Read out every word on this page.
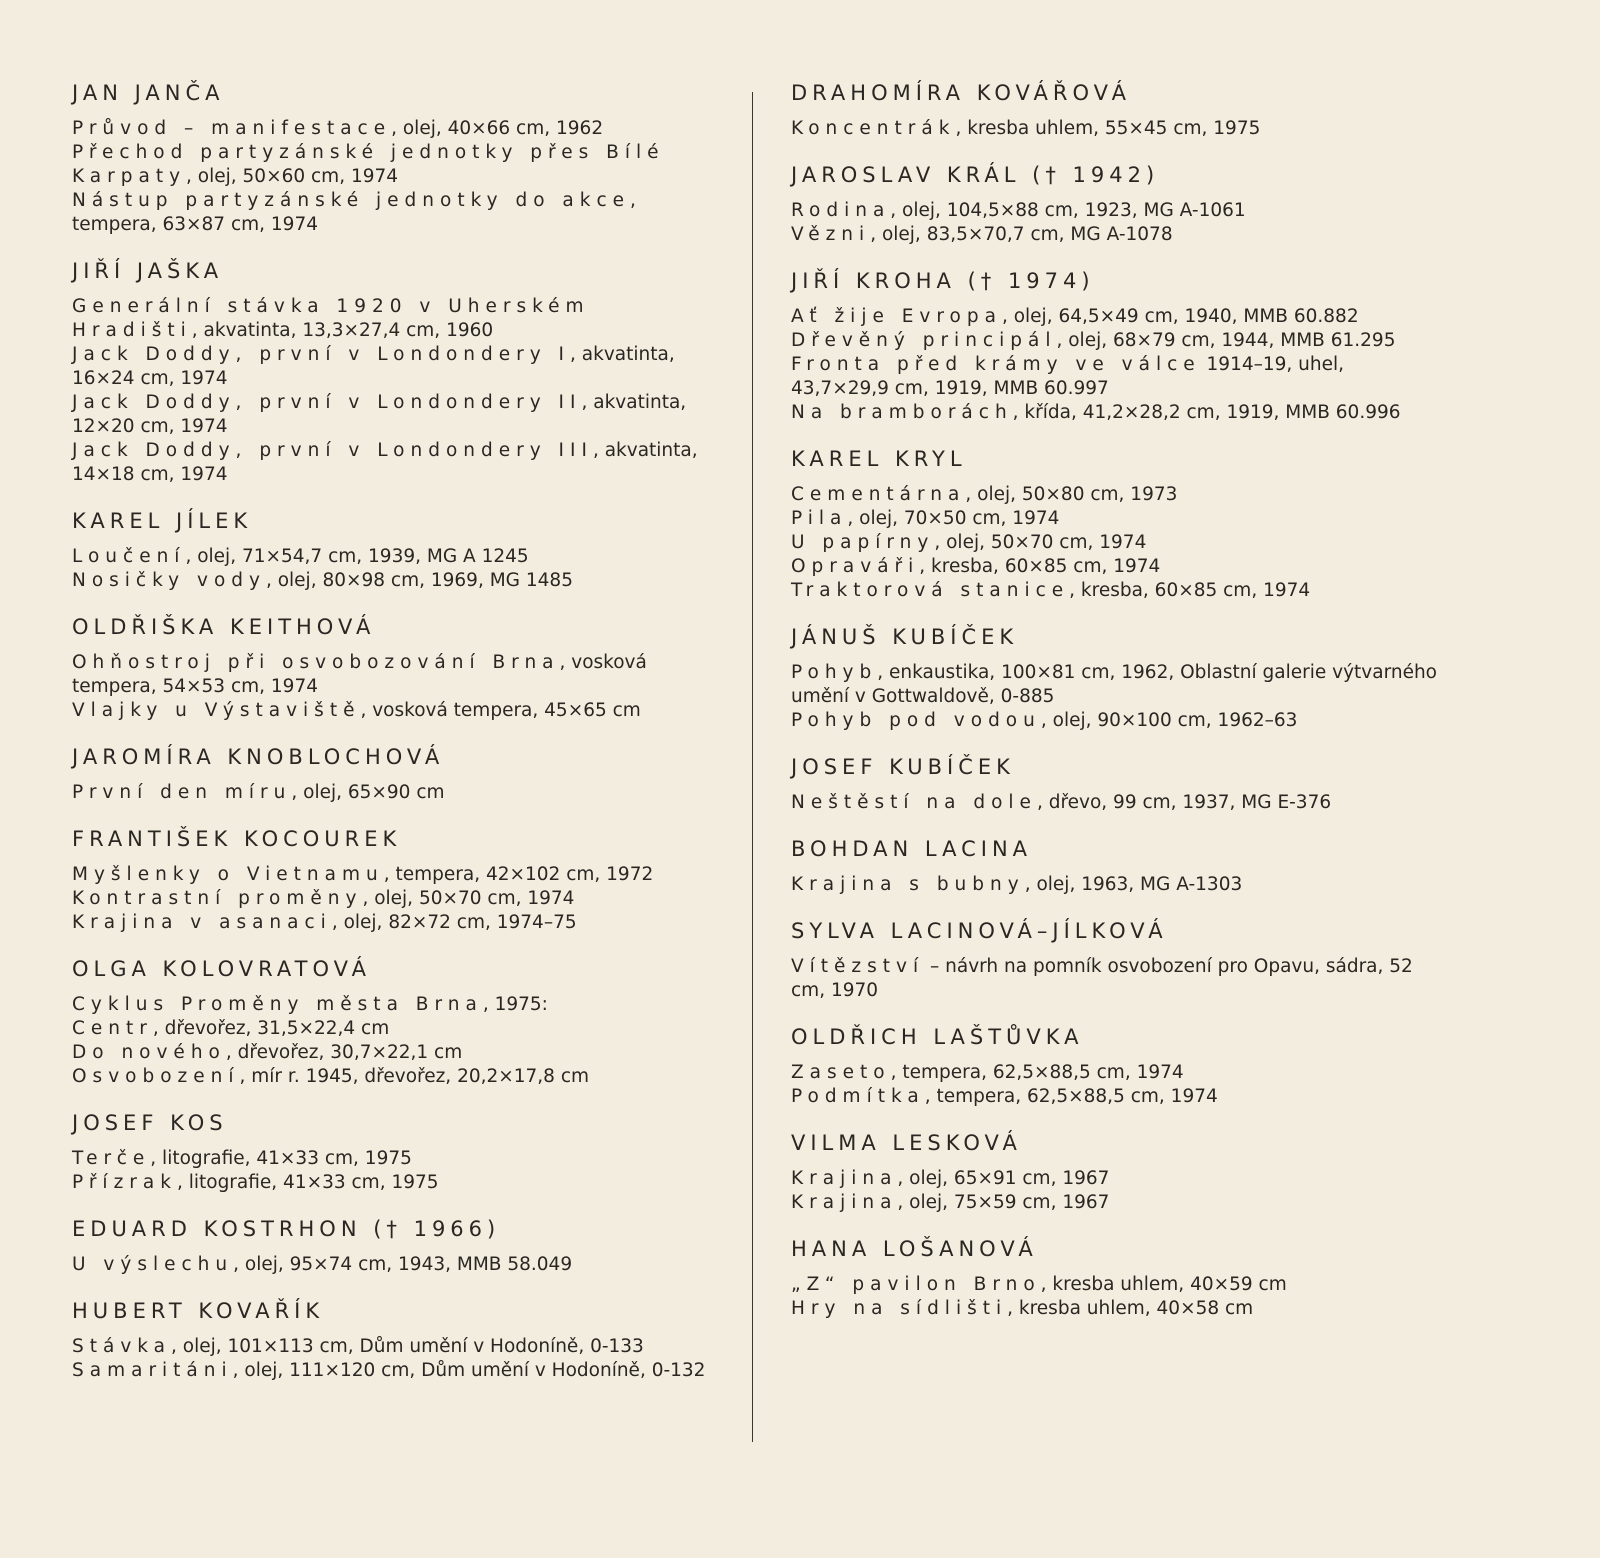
JAN JANČA
Průvod – manifestace, olej, 40×66 cm, 1962
Přechod partyzánské jednotky přes Bílé Karpaty, olej, 50×60 cm, 1974
Nástup partyzánské jednotky do akce, tempera, 63×87 cm, 1974
JIŘÍ JAŠKA
Generální stávka 1920 v Uherském Hradišti, akvatinta, 13,3×27,4 cm, 1960
Jack Doddy, první v Londondery I, akvatinta, 16×24 cm, 1974
Jack Doddy, první v Londondery II, akvatinta, 12×20 cm, 1974
Jack Doddy, první v Londondery III, akvatinta, 14×18 cm, 1974
KAREL JÍLEK
Loučení, olej, 71×54,7 cm, 1939, MG A 1245
Nosičky vody, olej, 80×98 cm, 1969, MG 1485
OLDŘIŠKA KEITHOVÁ
Ohňostroj při osvobozování Brna, vosková tempera, 54×53 cm, 1974
Vlajky u Výstaviště, vosková tempera, 45×65 cm
JAROMÍRA KNOBLOCHOVÁ
První den míru, olej, 65×90 cm
FRANTIŠEK KOCOUREK
Myšlenky o Vietnamu, tempera, 42×102 cm, 1972
Kontrastní proměny, olej, 50×70 cm, 1974
Krajina v asanaci, olej, 82×72 cm, 1974–75
OLGA KOLOVRATOVÁ
Cyklus Proměny města Brna, 1975:
Centr, dřevořez, 31,5×22,4 cm
Do nového, dřevořez, 30,7×22,1 cm
Osvobození, mír r. 1945, dřevořez, 20,2×17,8 cm
JOSEF KOS
Terče, litografie, 41×33 cm, 1975
Přízrak, litografie, 41×33 cm, 1975
EDUARD KOSTRHON († 1966)
U výslechu, olej, 95×74 cm, 1943, MMB 58.049
HUBERT KOVAŘÍK
Stávka, olej, 101×113 cm, Dům umění v Hodoníně, 0-133
Samaritáni, olej, 111×120 cm, Dům umění v Hodoníně, 0-132
DRAHOMÍRA KOVÁŘOVÁ
Koncentrák, kresba uhlem, 55×45 cm, 1975
JAROSLAV KRÁL († 1942)
Rodina, olej, 104,5×88 cm, 1923, MG A-1061
Vězni, olej, 83,5×70,7 cm, MG A-1078
JIŘÍ KROHA († 1974)
Ať žije Evropa, olej, 64,5×49 cm, 1940, MMB 60.882
Dřevěný principál, olej, 68×79 cm, 1944, MMB 61.295
Fronta před krámy ve válce 1914–19, uhel, 43,7×29,9 cm, 1919, MMB 60.997
Na bramborách, křída, 41,2×28,2 cm, 1919, MMB 60.996
KAREL KRYL
Cementárna, olej, 50×80 cm, 1973
Pila, olej, 70×50 cm, 1974
U papírny, olej, 50×70 cm, 1974
Opraváři, kresba, 60×85 cm, 1974
Traktorová stanice, kresba, 60×85 cm, 1974
JÁNUŠ KUBÍČEK
Pohyb, enkaustika, 100×81 cm, 1962, Oblastní galerie výtvarného umění v Gottwaldově, 0-885
Pohyb pod vodou, olej, 90×100 cm, 1962–63
JOSEF KUBÍČEK
Neštěstí na dole, dřevo, 99 cm, 1937, MG E-376
BOHDAN LACINA
Krajina s bubny, olej, 1963, MG A-1303
SYLVA LACINOVÁ–JÍLKOVÁ
Vítězství – návrh na pomník osvobození pro Opavu, sádra, 52 cm, 1970
OLDŘICH LAŠTŮVKA
Zaseto, tempera, 62,5×88,5 cm, 1974
Podmítka, tempera, 62,5×88,5 cm, 1974
VILMA LESKOVÁ
Krajina, olej, 65×91 cm, 1967
Krajina, olej, 75×59 cm, 1967
HANA LOŠANOVÁ
„Z“ pavilon Brno, kresba uhlem, 40×59 cm
Hry na sídlišti, kresba uhlem, 40×58 cm
